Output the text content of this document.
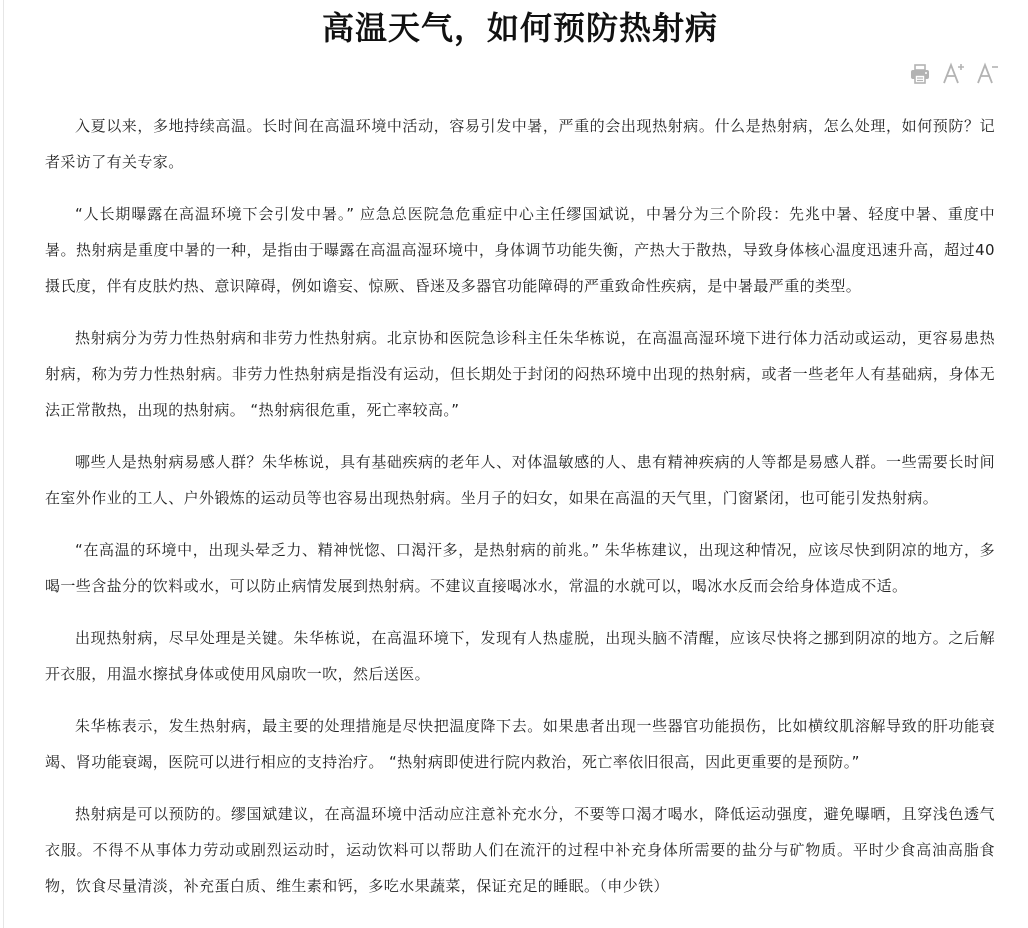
高温天气，如何预防热射病

入夏以来，多地持续高温。长时间在高温环境中活动，容易引发中暑，严重的会出现热射病。什么是热射病，怎么处理，如何预防？记者采访了有关专家。

“人长期曝露在高温环境下会引发中暑。” 应急总医院急危重症中心主任缪国斌说，中暑分为三个阶段：先兆中暑、轻度中暑、重度中暑。热射病是重度中暑的一种，是指由于曝露在高温高湿环境中，身体调节功能失衡，产热大于散热，导致身体核心温度迅速升高，超过40摄氏度，伴有皮肤灼热、意识障碍，例如谵妄、惊厥、昏迷及多器官功能障碍的严重致命性疾病，是中暑最严重的类型。

热射病分为劳力性热射病和非劳力性热射病。北京协和医院急诊科主任朱华栋说，在高温高湿环境下进行体力活动或运动，更容易患热射病，称为劳力性热射病。非劳力性热射病是指没有运动，但长期处于封闭的闷热环境中出现的热射病，或者一些老年人有基础病，身体无法正常散热，出现的热射病。 “热射病很危重，死亡率较高。”

哪些人是热射病易感人群？朱华栋说，具有基础疾病的老年人、对体温敏感的人、患有精神疾病的人等都是易感人群。一些需要长时间在室外作业的工人、户外锻炼的运动员等也容易出现热射病。坐月子的妇女，如果在高温的天气里，门窗紧闭，也可能引发热射病。

“在高温的环境中，出现头晕乏力、精神恍惚、口渴汗多，是热射病的前兆。” 朱华栋建议，出现这种情况，应该尽快到阴凉的地方，多喝一些含盐分的饮料或水，可以防止病情发展到热射病。不建议直接喝冰水，常温的水就可以，喝冰水反而会给身体造成不适。

出现热射病，尽早处理是关键。朱华栋说，在高温环境下，发现有人热虚脱，出现头脑不清醒，应该尽快将之挪到阴凉的地方。之后解开衣服，用温水擦拭身体或使用风扇吹一吹，然后送医。

朱华栋表示，发生热射病，最主要的处理措施是尽快把温度降下去。如果患者出现一些器官功能损伤，比如横纹肌溶解导致的肝功能衰竭、肾功能衰竭，医院可以进行相应的支持治疗。 “热射病即使进行院内救治，死亡率依旧很高，因此更重要的是预防。”

热射病是可以预防的。缪国斌建议，在高温环境中活动应注意补充水分，不要等口渴才喝水，降低运动强度，避免曝晒，且穿浅色透气衣服。不得不从事体力劳动或剧烈运动时，运动饮料可以帮助人们在流汗的过程中补充身体所需要的盐分与矿物质。平时少食高油高脂食物，饮食尽量清淡，补充蛋白质、维生素和钙，多吃水果蔬菜，保证充足的睡眠。（申少铁）
